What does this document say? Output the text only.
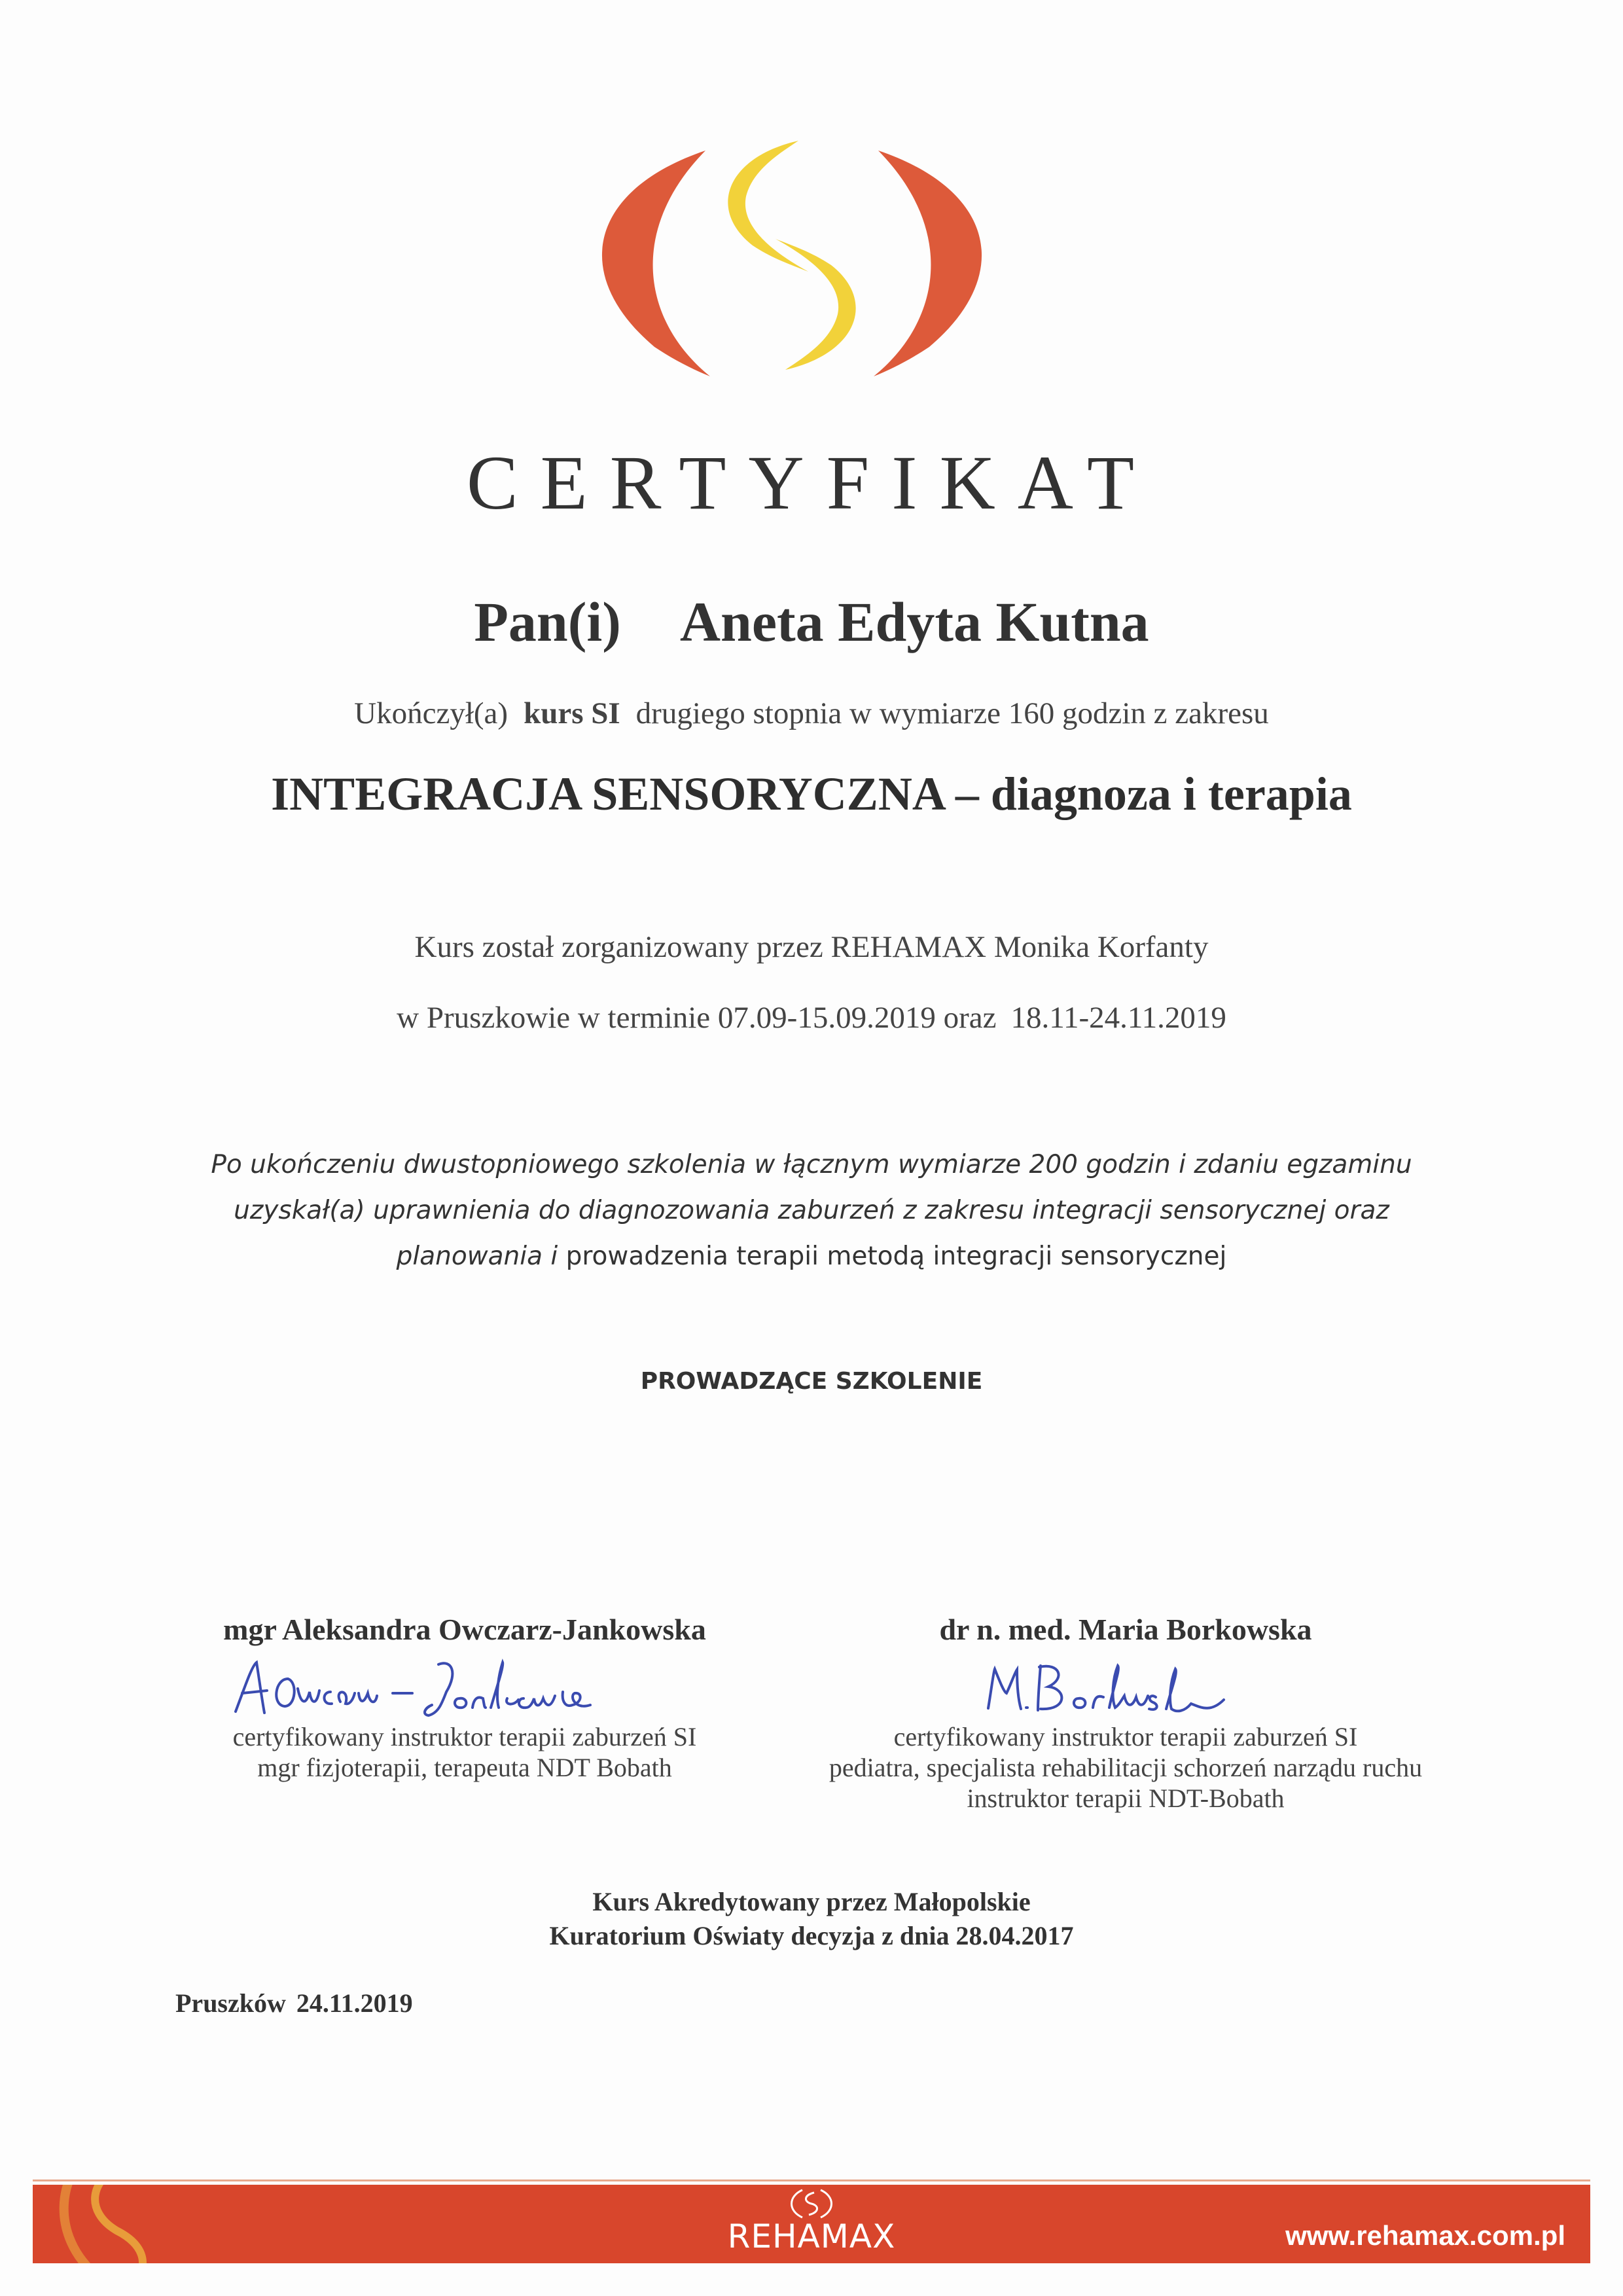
CERTYFIKAT
Pan(i) Aneta Edyta Kutna
Ukończył(a) kurs SI drugiego stopnia w wymiarze 160 godzin z zakresu
INTEGRACJA SENSORYCZNA – diagnoza i terapia
Kurs został zorganizowany przez REHAMAX Monika Korfanty
w Pruszkowie w terminie 07.09-15.09.2019 oraz 18.11-24.11.2019
Po ukończeniu dwustopniowego szkolenia w łącznym wymiarze 200 godzin i zdaniu egzaminu
uzyskał(a) uprawnienia do diagnozowania zaburzeń z zakresu integracji sensorycznej oraz
planowania i prowadzenia terapii metodą integracji sensorycznej
PROWADZĄCE SZKOLENIE
mgr Aleksandra Owczarz-Jankowska
certyfikowany instruktor terapii zaburzeń SI
mgr fizjoterapii, terapeuta NDT Bobath
dr n. med. Maria Borkowska
certyfikowany instruktor terapii zaburzeń SI
pediatra, specjalista rehabilitacji schorzeń narządu ruchu
instruktor terapii NDT-Bobath
Kurs Akredytowany przez Małopolskie
Kuratorium Oświaty decyzja z dnia 28.04.2017
Pruszków 24.11.2019
REHAMAX	www.rehamax.com.pl
